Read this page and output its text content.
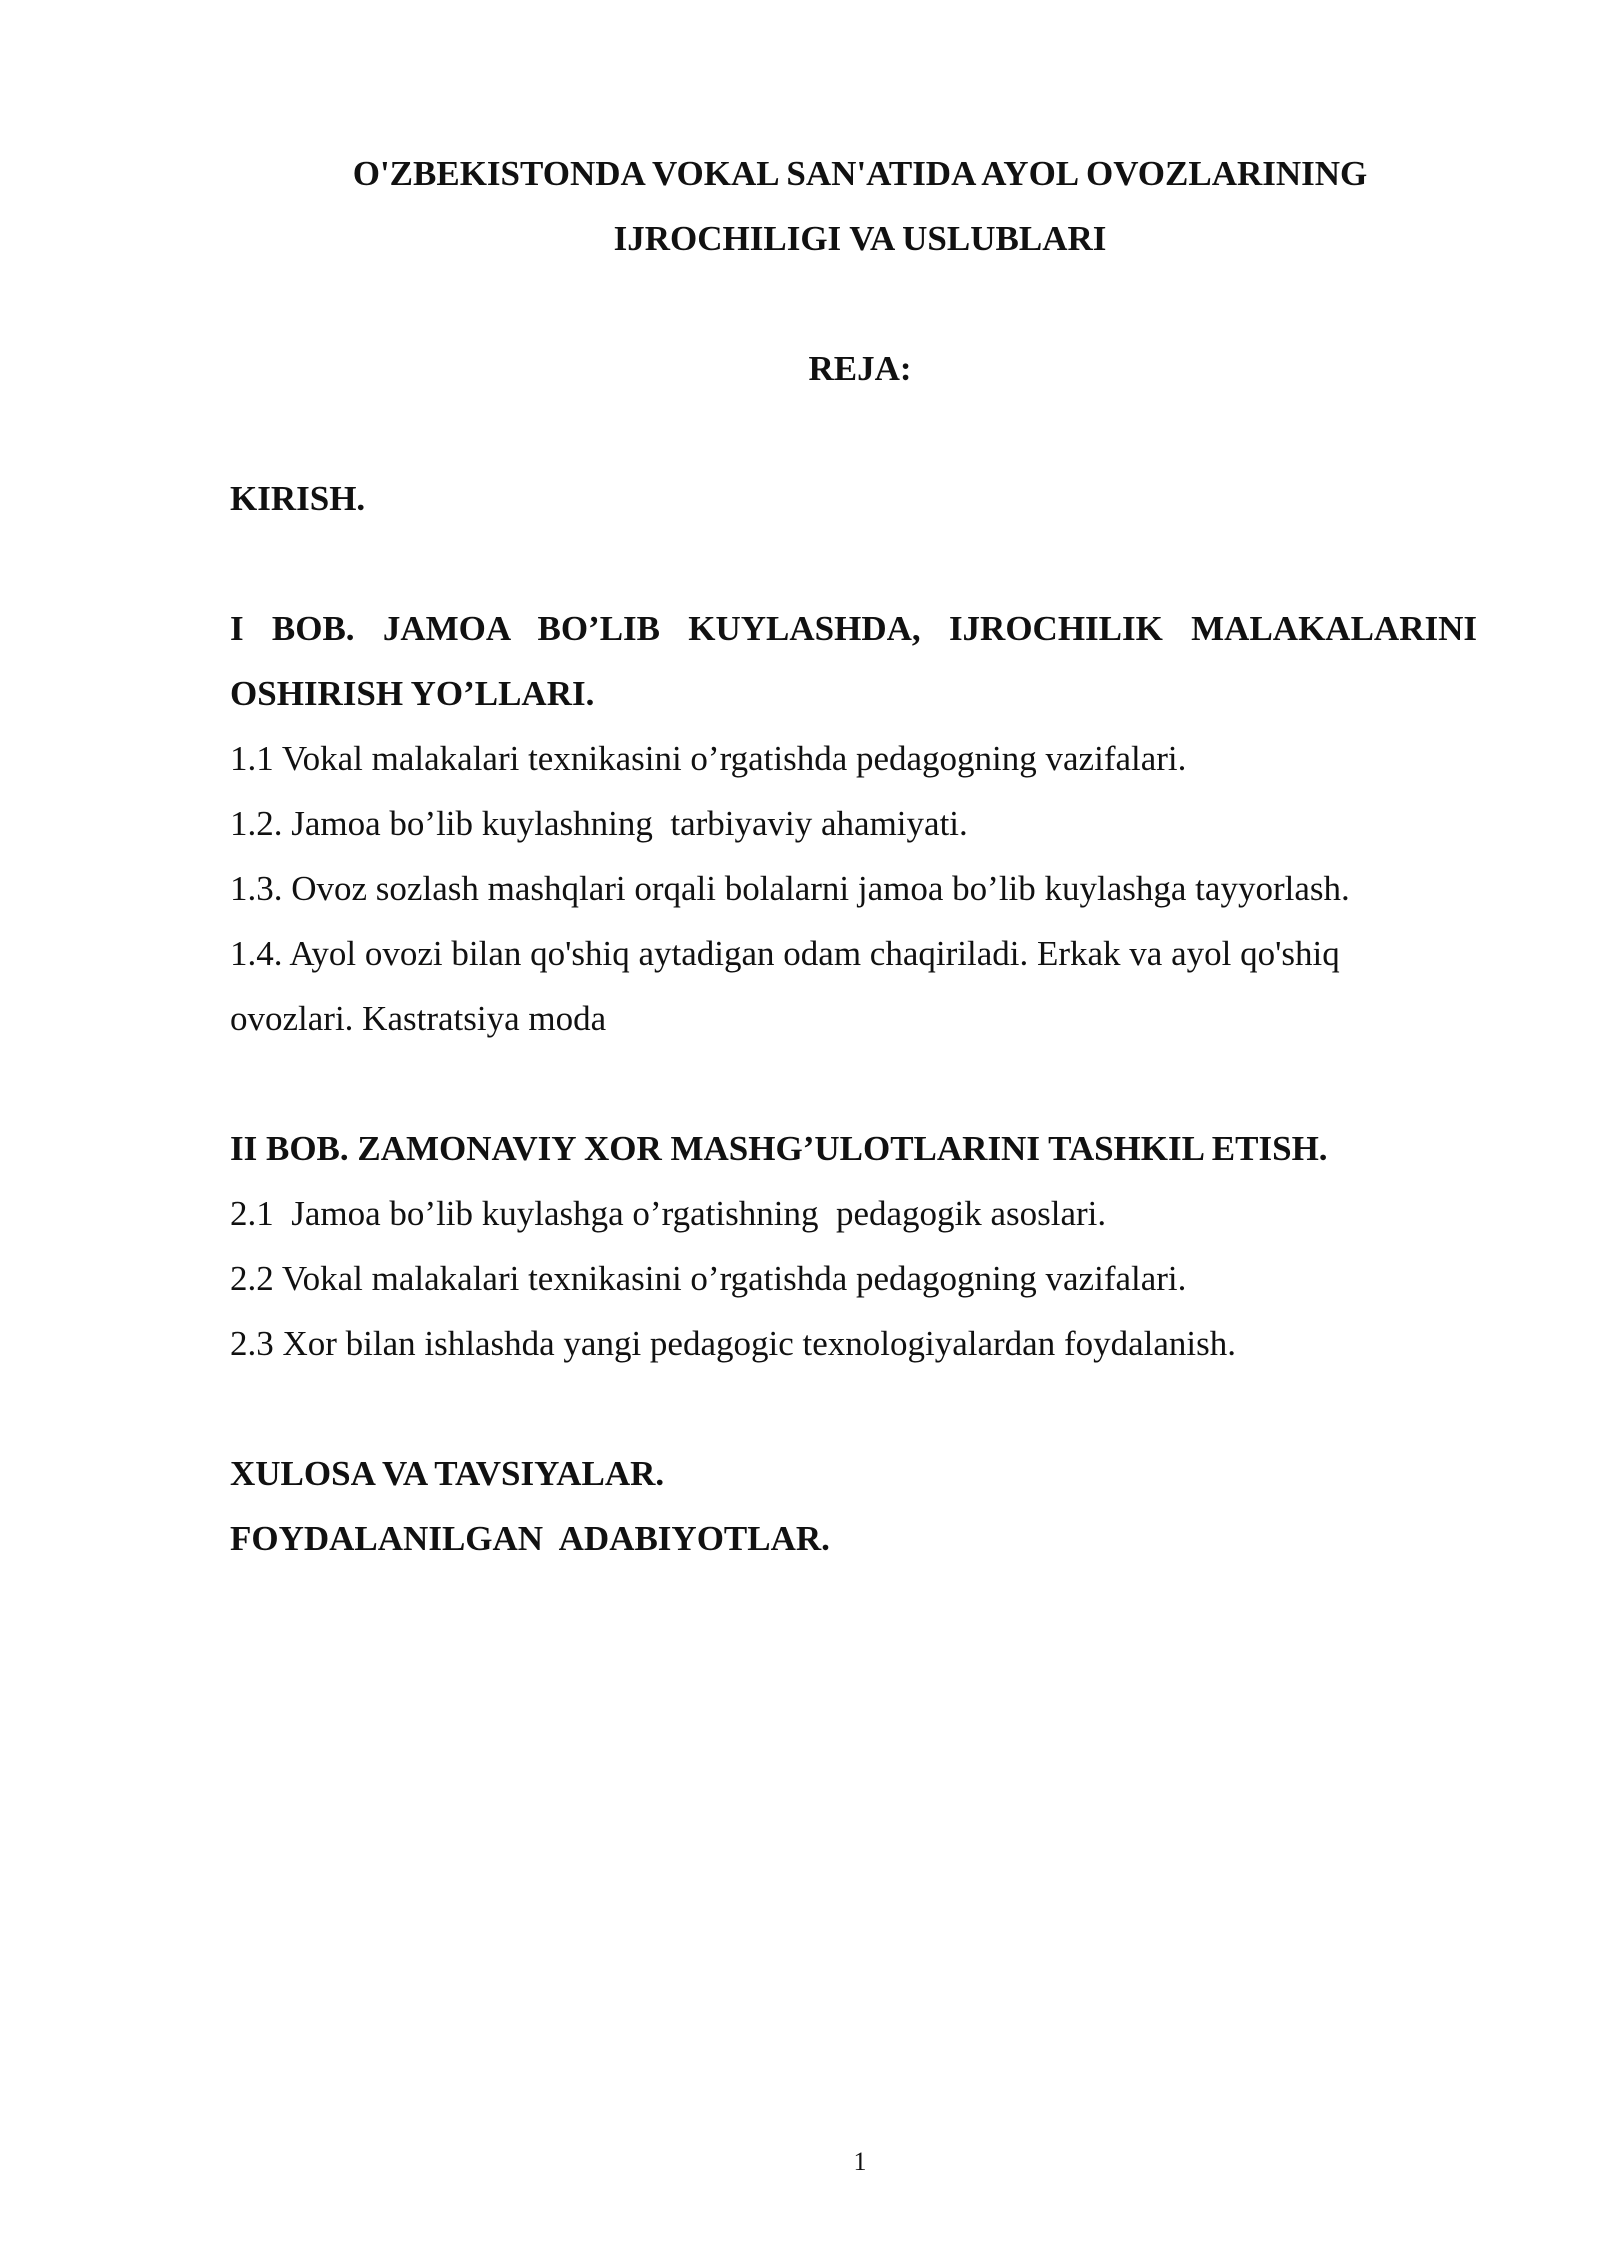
O'ZBEKISTONDA VOKAL SAN'ATIDA AYOL OVOZLARINING

IJROCHILIGI VA USLUBLARI

REJA:

KIRISH.

I BOB. JAMOA BO’LIB KUYLASHDA, IJROCHILIK MALAKALARINI

OSHIRISH YO’LLARI.

1.1 Vokal malakalari texnikasini o’rgatishda pedagogning vazifalari.

1.2. Jamoa bo’lib kuylashning  tarbiyaviy ahamiyati.

1.3. Ovoz sozlash mashqlari orqali bolalarni jamoa bo’lib kuylashga tayyorlash.

1.4. Ayol ovozi bilan qo'shiq aytadigan odam chaqiriladi. Erkak va ayol qo'shiq

ovozlari. Kastratsiya moda

II BOB. ZAMONAVIY XOR MASHG’ULOTLARINI TASHKIL ETISH.

2.1  Jamoa bo’lib kuylashga o’rgatishning  pedagogik asoslari.

2.2 Vokal malakalari texnikasini o’rgatishda pedagogning vazifalari.

2.3 Xor bilan ishlashda yangi pedagogic texnologiyalardan foydalanish.

XULOSA VA TAVSIYALAR.

FOYDALANILGAN  ADABIYOTLAR.

1
